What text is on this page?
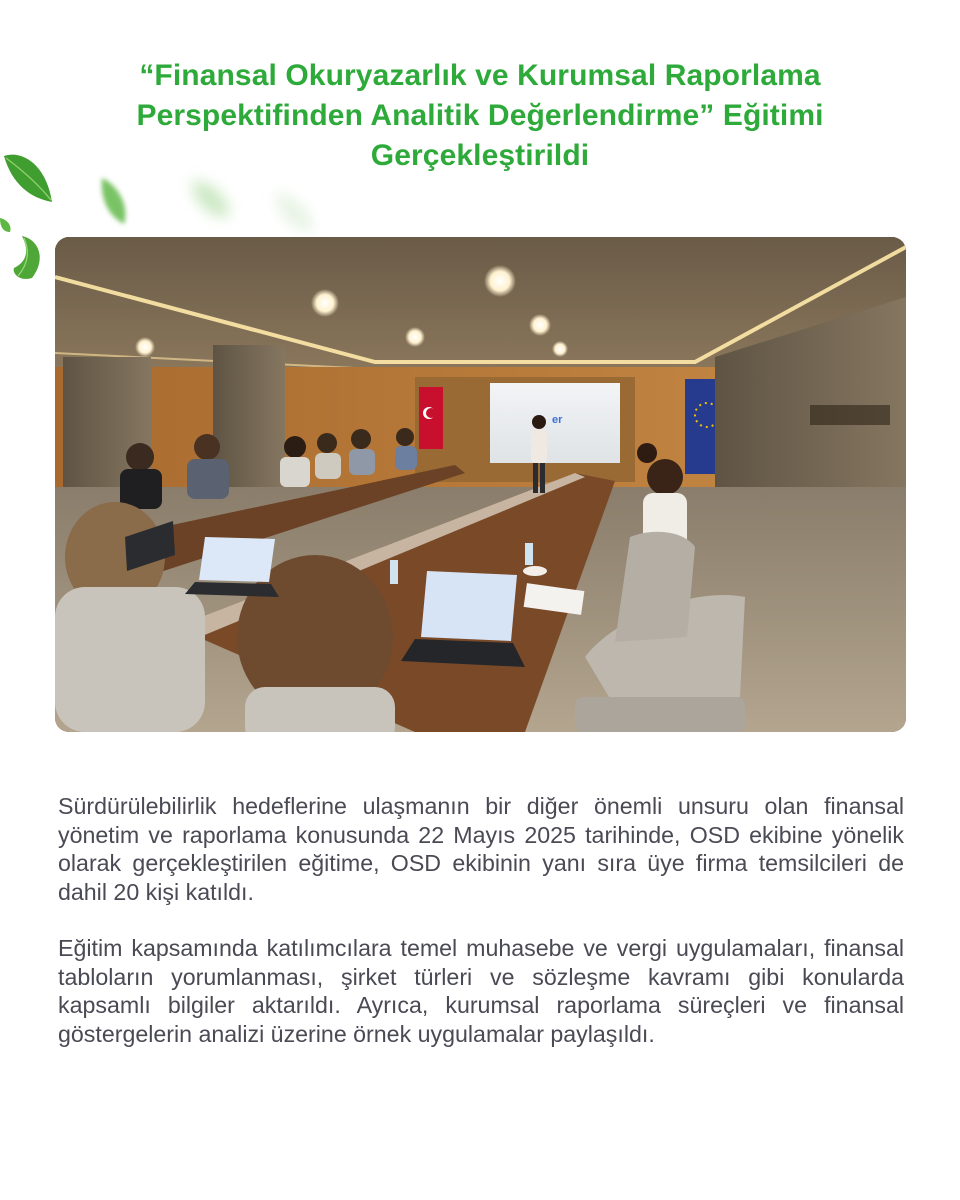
“Finansal Okuryazarlık ve Kurumsal Raporlama
Perspektifinden Analitik Değerlendirme” Eğitimi
Gerçekleştirildi
er

Sürdürülebilirlik hedeflerine ulaşmanın bir diğer önemli unsuru olan finansal yönetim ve raporlama konusunda 22 Mayıs 2025 tarihinde, OSD ekibine yönelik olarak gerçekleştirilen eğitime, OSD ekibinin yanı sıra üye firma temsilcileri de dahil 20 kişi katıldı.

Eğitim kapsamında katılımcılara temel muhasebe ve vergi uygulamaları, finansal tabloların yorumlanması, şirket türleri ve sözleşme kavramı gibi konularda kapsamlı bilgiler aktarıldı. Ayrıca, kurumsal raporlama süreçleri ve finansal göstergelerin analizi üzerine örnek uygulamalar paylaşıldı.
